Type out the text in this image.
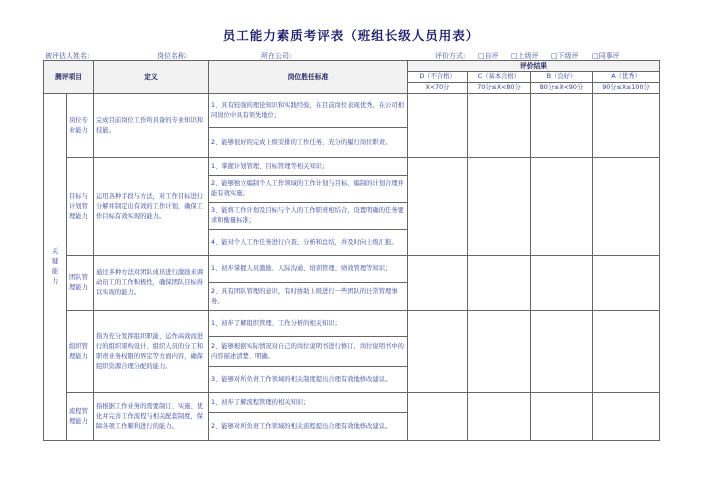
员工能力素质考评表（班组长级人员用表）
被评估人姓名:	岗位名称:	所在公司:	评价方式: □自评 □上级评 □下级评 □同事评
测评项目		定义	岗位胜任标准	评价结果			
				D（不合格）	C（基本合格）	B（良好）	A（优秀）
				X<70分	70分≤X<80分	80分≤X<90分	90分≤X≤100分

关键能力	岗位专业能力	完成目前岗位工作所具备的专业知识和技能。	1、具有较强的理论知识和实践经验，在目前岗位表现优秀，在公司相同岗位中具有领先地位；				
			2、能够很好的完成上级安排的工作任务，充分的履行岗位职责。				
	目标与计划管理能力	运用各种手段与方法，对工作目标进行分解并制定出有效的工作计划，确保工作目标有效实现的能力。	1、掌握计划管理、目标管理等相关知识；				
			2、能够独立编制个人工作领域的工作计划与目标，编制的计划合理并能有效实施；				
			3、能将工作计划及目标与个人的工作职责相结合，设置明确的任务要求和衡量标准；				
			4、能对个人工作任务进行自查、分析和总结，并及时向上级汇报。				
	团队管理能力	通过多种方法对团队成员进行激励来调动员工的工作积极性，确保团队目标得以实现的能力。	1、初步掌握人员激励、人际沟通、培训管理、绩效管理等知识；				
			2、具有团队管理的意识，有时协助上级进行一些团队的日常管理事务。				
	组织管理能力	指为充分发挥组织职能、运作高效而进行的组织架构设计、组织人员的分工和职责业务权限的界定等方面内容，确保组织资源合理分配的能力。	1、初步了解组织管理、工作分析的相关知识；				
			2、能够根据实际情况对自己的岗位说明书进行修订，岗位说明书中的内容描述清楚、明确。				
			3、能够对所负责工作领域的相关制度提出合理有效地修改建议。				
	流程管理能力	指根据工作业务的需要制订、实施、优化并完善工作流程与相关配套制度，保障各项工作顺利进行的能力。	1、初步了解流程管理的相关知识；				
			2、能够对所负责工作领域的相关流程提出合理有效地修改建议。				
